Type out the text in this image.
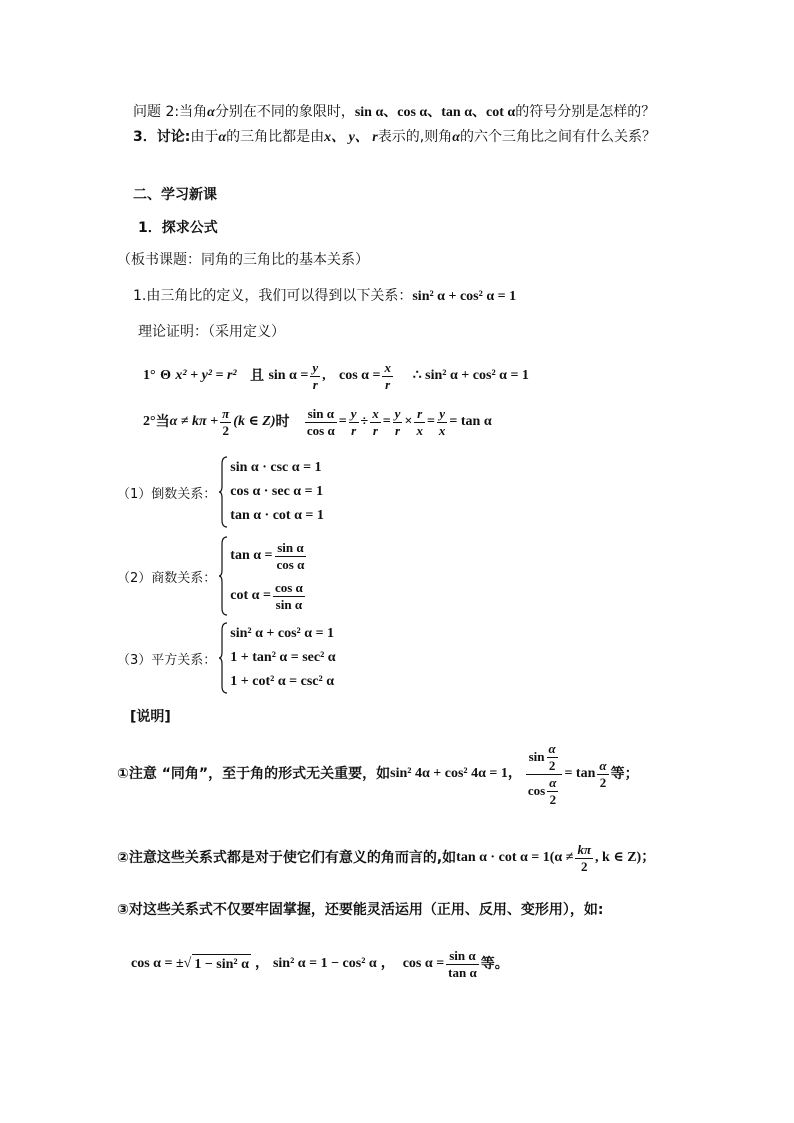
问题 2:当角α分别在不同的象限时，sin α、cos α、tan α、cot α的符号分别是怎样的？
3．讨论:由于α的三角比都是由x、 y、 r表示的,则角α的六个三角比之间有什么关系？
二、学习新课
1．探求公式
（板书课题：同角的三角比的基本关系）
1.由三角比的定义，我们可以得到以下关系：sin² α + cos² α = 1
理论证明：（采用定义）
1°
Θ
x² + y² = r²
且
$\sin \alpha = \frac{y}{r}$ ,
$\cos \alpha = \frac{x}{r}$
∴ sin² α + cos² α = 1
2° 当 $\alpha \ne k\pi + \frac{\pi}{2} (k$ ∈ Z) 时
$\frac{\text{sin α}}{\text{cos α}} = \frac{y}{r} \div \frac{x}{r} = \frac{y}{r} \times \frac{r}{x} = \frac{y}{x} = \tan \alpha$
（1）倒数关系：
sin α · csc α = 1
cos α · sec α = 1
tan α · cot α = 1
（2）商数关系：
$\tan \alpha = \frac{\text{sin α}}{\text{cos α}}$
$\cot \alpha = \frac{\text{cos α}}{\text{sin α}}$
（3）平方关系：
sin² α + cos² α = 1
1 + tan² α = sec² α
1 + cot² α = csc² α
[说明]
①注意 “同角”，至于角的形式无关重要，如 sin² 4α + cos² 4α = 1， $\frac{\sin \frac{\alpha}{2}}{\cos \frac{\alpha}{2}} = \tan \frac{\alpha}{2}$ 等；
②注意这些关系式都是对于使它们有意义的角而言的,如 $\tan \alpha \cdot \cot \alpha = 1(\alpha \ne \frac{k\pi}{2}$ , k ∈ Z)；
③对这些关系式不仅要牢固掌握，还要能灵活运用（正用、反用、变形用），如:
cos α = ± √ 1 − sin² α ， sin² α = 1 − cos² α ， $\cos \alpha = \frac{\text{sin α}}{\text{tan α}}$ 等。
